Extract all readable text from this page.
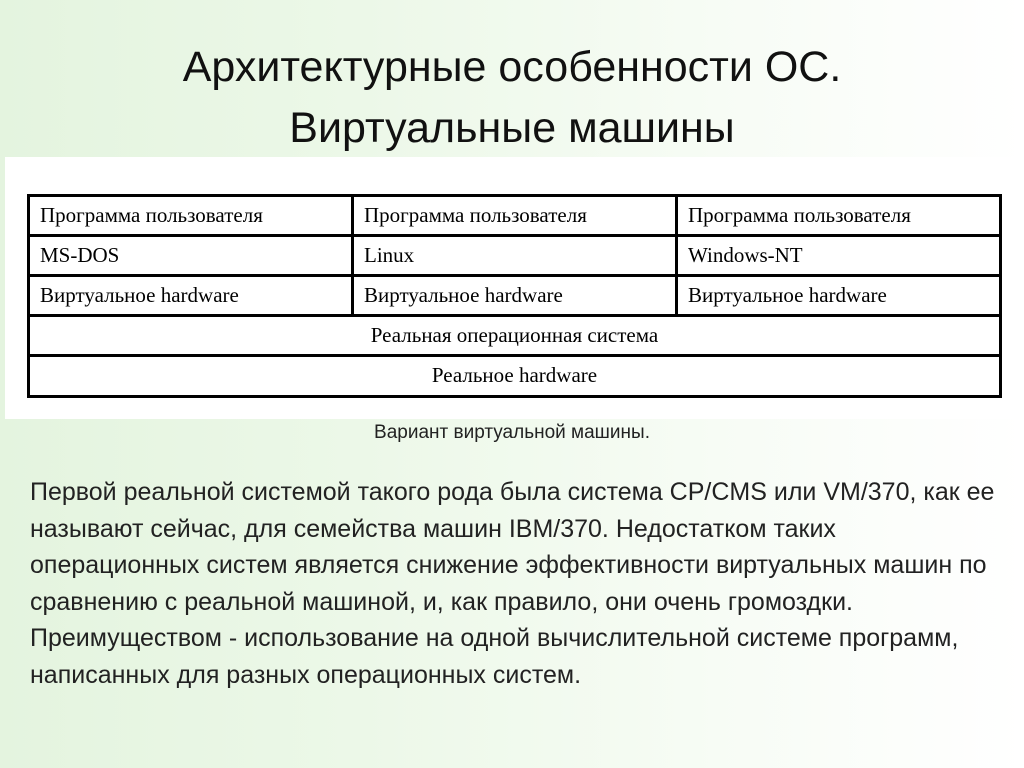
Архитектурные особенности ОС.
Виртуальные машины
Программа пользователя	Программа пользователя	Программа пользователя
MS-DOS	Linux	Windows-NT
Виртуальное hardware	Виртуальное hardware	Виртуальное hardware
Реальная операционная система
Реальное hardware
Вариант виртуальной машины.

Первой реальной системой такого рода была система CP/CMS или VM/370, как ее называют сейчас, для семейства машин IBM/370. Недостатком таких операционных систем является снижение эффективности виртуальных машин по сравнению с реальной машиной, и, как правило, они очень громоздки. Преимуществом - использование на одной вычислительной системе программ, написанных для разных операционных систем.
